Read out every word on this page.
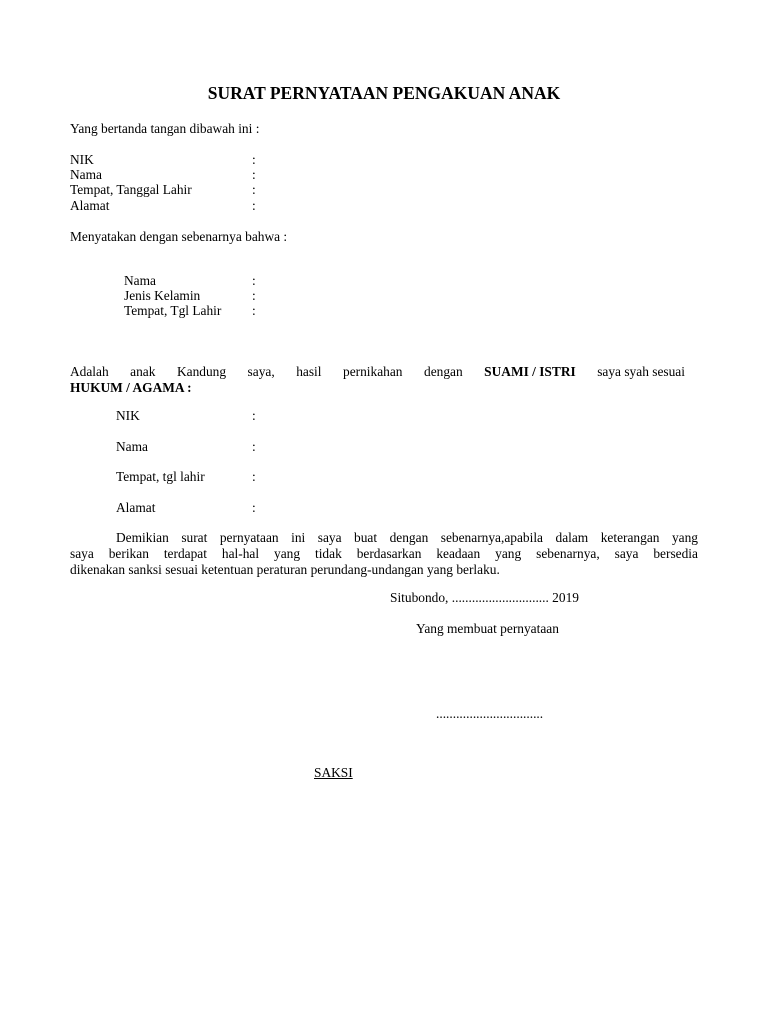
SURAT PERNYATAAN PENGAKUAN ANAK
Yang bertanda tangan dibawah ini :
NIK	:
Nama	:
Tempat, Tanggal Lahir	:
Alamat	:
Menyatakan dengan sebenarnya bahwa :
Nama	:
Jenis Kelamin	:
Tempat, Tgl Lahir :
Adalah anak Kandung saya, hasil pernikahan dengan SUAMI / ISTRI saya syah sesuai
HUKUM / AGAMA :
NIK	:
Nama	:
Tempat, tgl lahir	:
Alamat	:
Demikian surat pernyataan ini saya buat dengan sebenarnya,apabila dalam keterangan yang
saya berikan terdapat hal-hal yang tidak berdasarkan keadaan yang sebenarnya, saya bersedia
dikenakan sanksi sesuai ketentuan peraturan perundang-undangan yang berlaku.
Situbondo, ............................. 2019
Yang membuat pernyataan
................................
SAKSI
